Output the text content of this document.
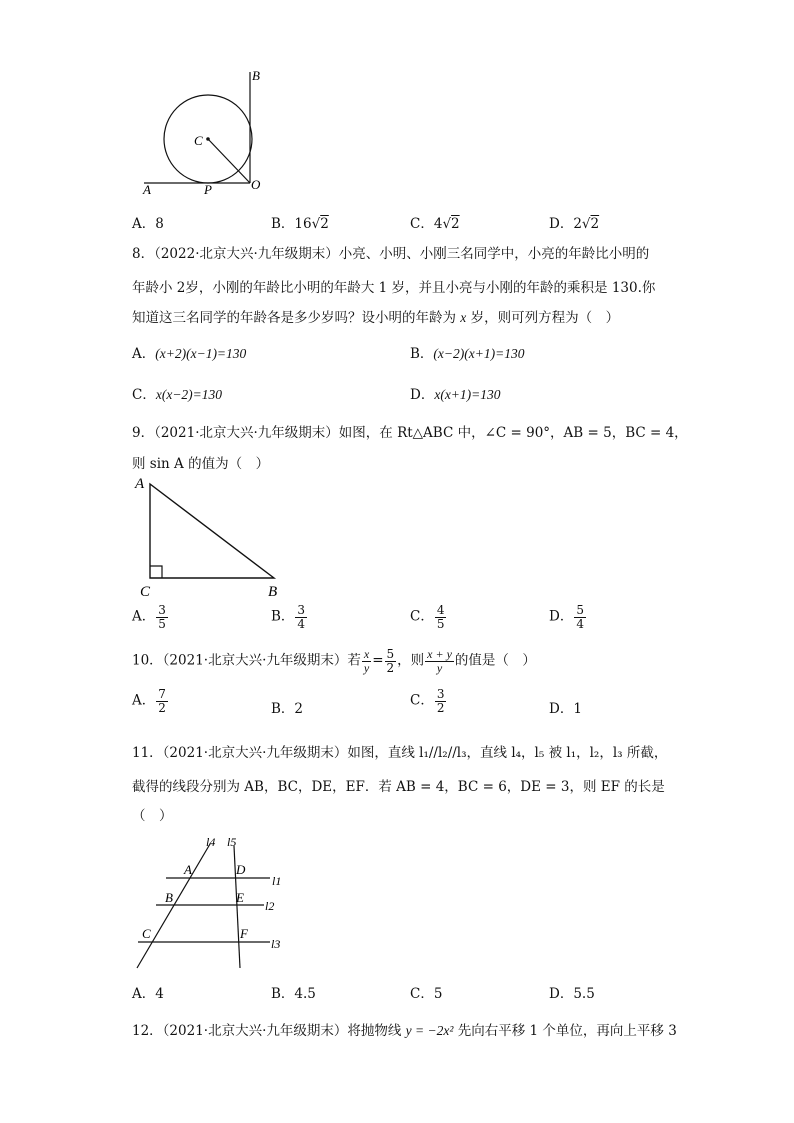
B
C
A	P	O
A．8	B．16√2	C．4√2	D．2√2
8．（2022·北京大兴·九年级期末）小亮、小明、小刚三名同学中，小亮的年龄比小明的
年龄小 2岁，小刚的年龄比小明的年龄大 1 岁，并且小亮与小刚的年龄的乘积是 130.你
知道这三名同学的年龄各是多少岁吗？设小明的年龄为 x 岁，则可列方程为（　）
A．(x+2)(x−1)=130	B．(x−2)(x+1)=130
C．x(x−2)=130	D．x(x+1)=130
9．（2021·北京大兴·九年级期末）如图，在 Rt△ABC 中，∠C = 90°，AB = 5，BC = 4，
则 sin A 的值为（　）
A
C	B
A． $\frac{3}{5}$	B． $\frac{3}{4}$	C． $\frac{4}{5}$	D． $\frac{5}{4}$
10．（2021·北京大兴·九年级期末）若 $\frac{x}{y} = \frac{5}{2}$ ，则 $\frac{x + y}{y}$ 的值是（　）
A． $\frac{7}{2}$	B．2
C． $\frac{3}{2}$	D．1
11．（2021·北京大兴·九年级期末）如图，直线 l₁//l₂//l₃，直线 l₄，l₅ 被 l₁，l₂，l₃ 所截，
截得的线段分别为 AB，BC，DE，EF．若 AB = 4，BC = 6，DE = 3，则 EF 的长是
（　）
l4 l5
A	D
l1
B	E
l2
C	F
l3
A．4	B．4.5	C．5	D．5.5
12．（2021·北京大兴·九年级期末）将抛物线 y = −2x² 先向右平移 1 个单位，再向上平移 3
